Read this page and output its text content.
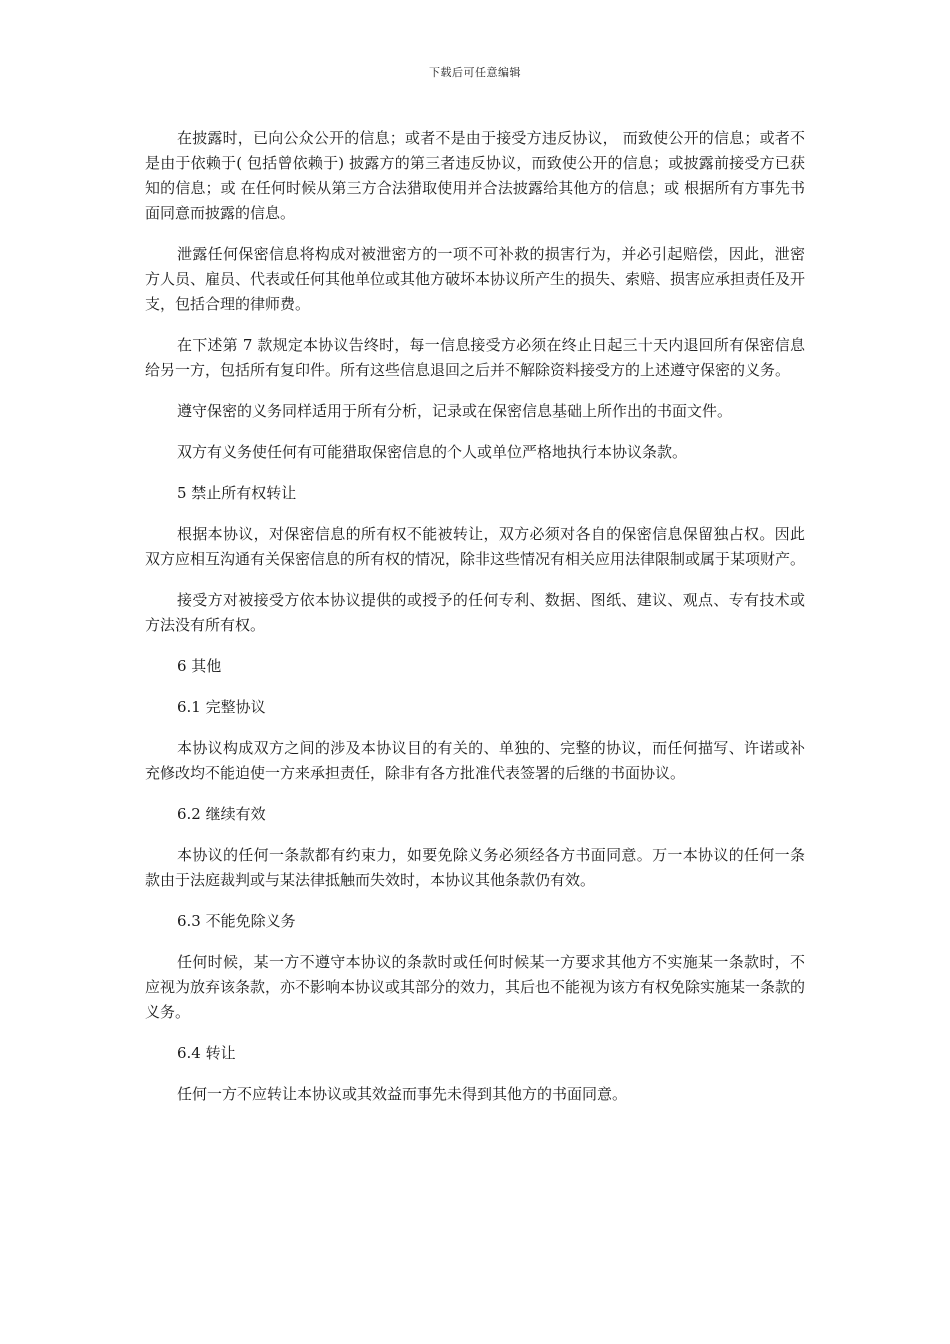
下载后可任意编辑

在披露时，已向公众公开的信息；或者不是由于接受方违反协议， 而致使公开的信息；或者不是由于依赖于( 包括曾依赖于) 披露方的第三者违反协议，而致使公开的信息；或披露前接受方已获知的信息；或 在任何时候从第三方合法猎取使用并合法披露给其他方的信息；或 根据所有方事先书面同意而披露的信息。

泄露任何保密信息将构成对被泄密方的一项不可补救的损害行为，并必引起赔偿，因此，泄密方人员、雇员、代表或任何其他单位或其他方破坏本协议所产生的损失、索赔、损害应承担责任及开支，包括合理的律师费。

在下述第 7 款规定本协议告终时，每一信息接受方必须在终止日起三十天内退回所有保密信息给另一方，包括所有复印件。所有这些信息退回之后并不解除资料接受方的上述遵守保密的义务。

遵守保密的义务同样适用于所有分析，记录或在保密信息基础上所作出的书面文件。

双方有义务使任何有可能猎取保密信息的个人或单位严格地执行本协议条款。

5 禁止所有权转让

根据本协议，对保密信息的所有权不能被转让，双方必须对各自的保密信息保留独占权。因此双方应相互沟通有关保密信息的所有权的情况，除非这些情况有相关应用法律限制或属于某项财产。

接受方对被接受方依本协议提供的或授予的任何专利、数据、图纸、建议、观点、专有技术或方法没有所有权。

6 其他

6.1 完整协议

本协议构成双方之间的涉及本协议目的有关的、单独的、完整的协议，而任何描写、许诺或补充修改均不能迫使一方来承担责任，除非有各方批准代表签署的后继的书面协议。

6.2 继续有效

本协议的任何一条款都有约束力，如要免除义务必须经各方书面同意。万一本协议的任何一条款由于法庭裁判或与某法律抵触而失效时，本协议其他条款仍有效。

6.3 不能免除义务

任何时候，某一方不遵守本协议的条款时或任何时候某一方要求其他方不实施某一条款时，不应视为放弃该条款，亦不影响本协议或其部分的效力，其后也不能视为该方有权免除实施某一条款的义务。

6.4 转让

任何一方不应转让本协议或其效益而事先未得到其他方的书面同意。
